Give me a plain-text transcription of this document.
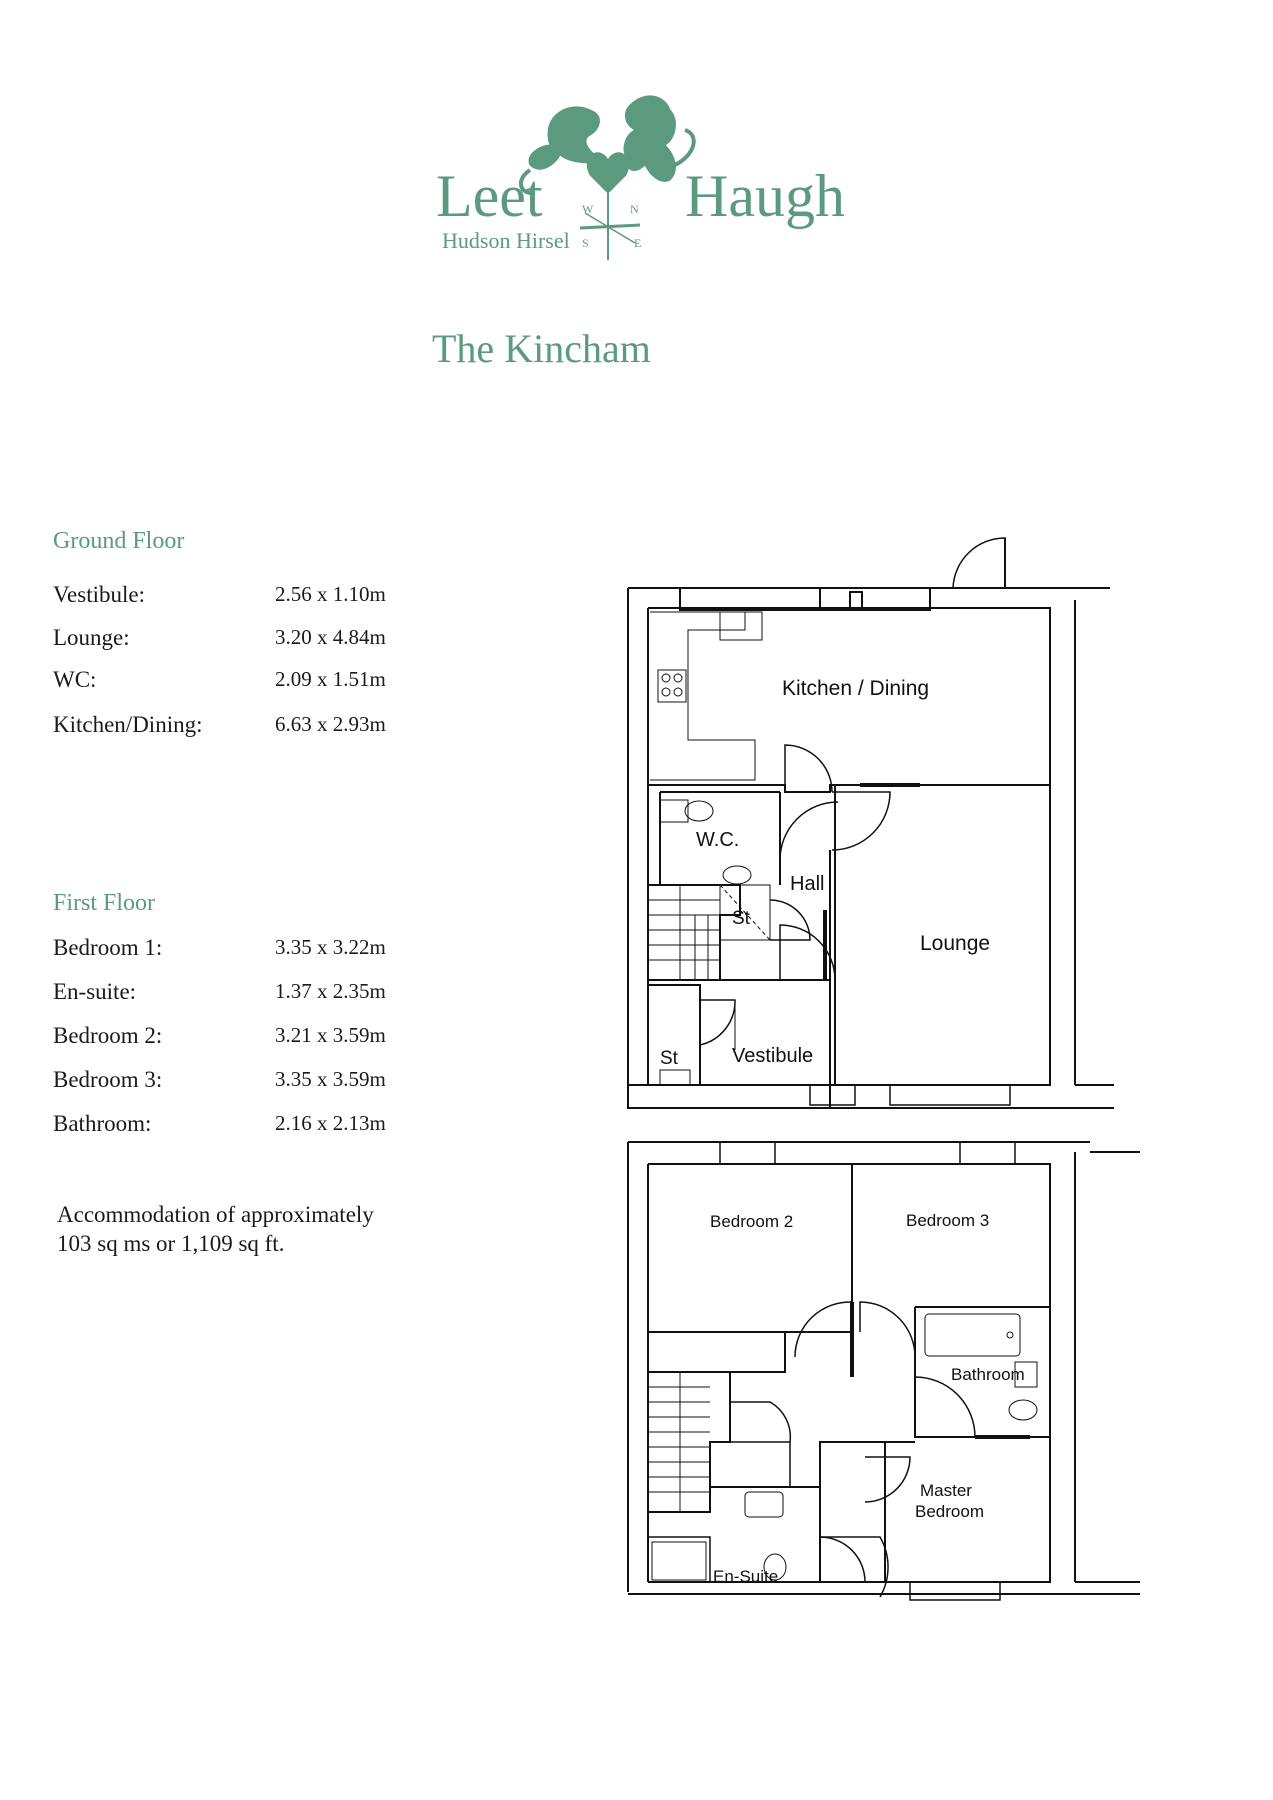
W	N
S	E
Leet Haugh
Hudson Hirsel
The Kincham
Ground Floor
Vestibule:	2.56 x 1.10m
Lounge:	3.20 x 4.84m
WC:	2.09 x 1.51m
Kitchen/Dining:	6.63 x 2.93m
First Floor
Bedroom 1:	3.35 x 3.22m
En-suite:	1.37 x 2.35m
Bedroom 2:	3.21 x 3.59m
Bedroom 3:	3.35 x 3.59m
Bathroom:	2.16 x 2.13m
Accommodation of approximately
103 sq ms or 1,109 sq ft.
Kitchen / Dining
W.C.
Hall
St
Lounge
St	Vestibule
Bedroom 2	Bedroom 3
Bathroom
Master
Bedroom
En-Suite
